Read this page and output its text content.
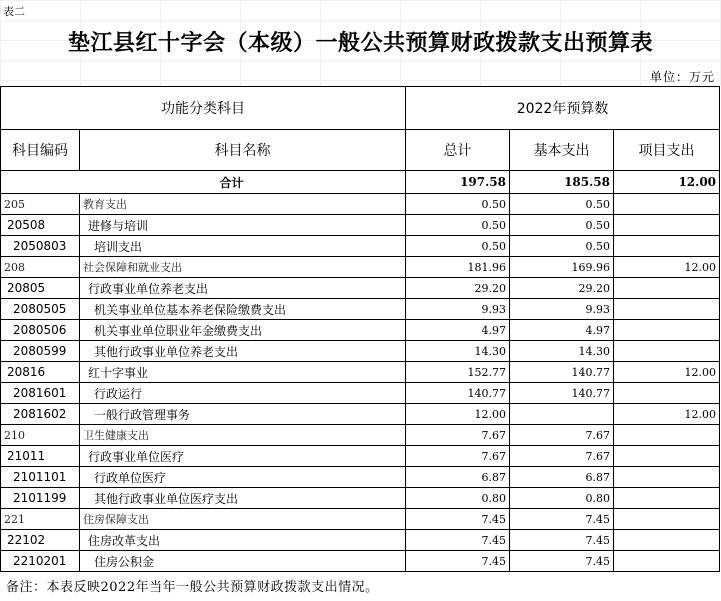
表二
垫江县红十字会（本级）一般公共预算财政拨款支出预算表
单位：万元
功能分类科目		2022年预算数		
科目编码	科目名称	总计	基本支出	项目支出
合计		197.58	185.58	12.00
205	教育支出	0.50	0.50	
20508	进修与培训	0.50	0.50	
2050803	培训支出	0.50	0.50	
208	社会保障和就业支出	181.96	169.96	12.00
20805	行政事业单位养老支出	29.20	29.20	
2080505	机关事业单位基本养老保险缴费支出	9.93	9.93	
2080506	机关事业单位职业年金缴费支出	4.97	4.97	
2080599	其他行政事业单位养老支出	14.30	14.30	
20816	红十字事业	152.77	140.77	12.00
2081601	行政运行	140.77	140.77	
2081602	一般行政管理事务	12.00		12.00
210	卫生健康支出	7.67	7.67	
21011	行政事业单位医疗	7.67	7.67	
2101101	行政单位医疗	6.87	6.87	
2101199	其他行政事业单位医疗支出	0.80	0.80	
221	住房保障支出	7.45	7.45	
22102	住房改革支出	7.45	7.45	
2210201	住房公积金	7.45	7.45	
备注：本表反映2022年当年一般公共预算财政拨款支出情况。
